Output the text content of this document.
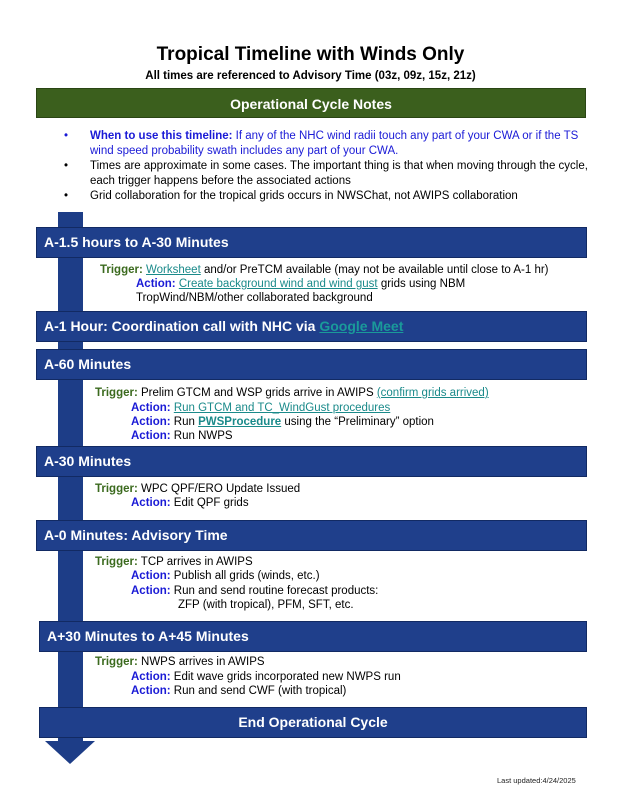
Tropical Timeline with Winds Only
All times are referenced to Advisory Time (03z, 09z, 15z, 21z)
Operational Cycle Notes
• When to use this timeline: If any of the NHC wind radii touch any part of your CWA or if the TS wind speed probability swath includes any part of your CWA.
• Times are approximate in some cases. The important thing is that when moving through the cycle, each trigger happens before the associated actions
• Grid collaboration for the tropical grids occurs in NWSChat, not AWIPS collaboration
A-1.5 hours to A-30 Minutes
Trigger: Worksheet and/or PreTCM available (may not be available until close to A-1 hr)
Action: Create background wind and wind gust grids using NBM
TropWind/NBM/other collaborated background
A-1 Hour: Coordination call with NHC via Google Meet
A-60 Minutes
Trigger: Prelim GTCM and WSP grids arrive in AWIPS (confirm grids arrived)
Action: Run GTCM and TC_WindGust procedures
Action: Run PWSProcedure using the “Preliminary” option
Action: Run NWPS
A-30 Minutes
Trigger: WPC QPF/ERO Update Issued
Action: Edit QPF grids
A-0 Minutes: Advisory Time
Trigger: TCP arrives in AWIPS
Action: Publish all grids (winds, etc.)
Action: Run and send routine forecast products:
ZFP (with tropical), PFM, SFT, etc.
A+30 Minutes to A+45 Minutes
Trigger: NWPS arrives in AWIPS
Action: Edit wave grids incorporated new NWPS run
Action: Run and send CWF (with tropical)
End Operational Cycle
Last updated:4/24/2025
